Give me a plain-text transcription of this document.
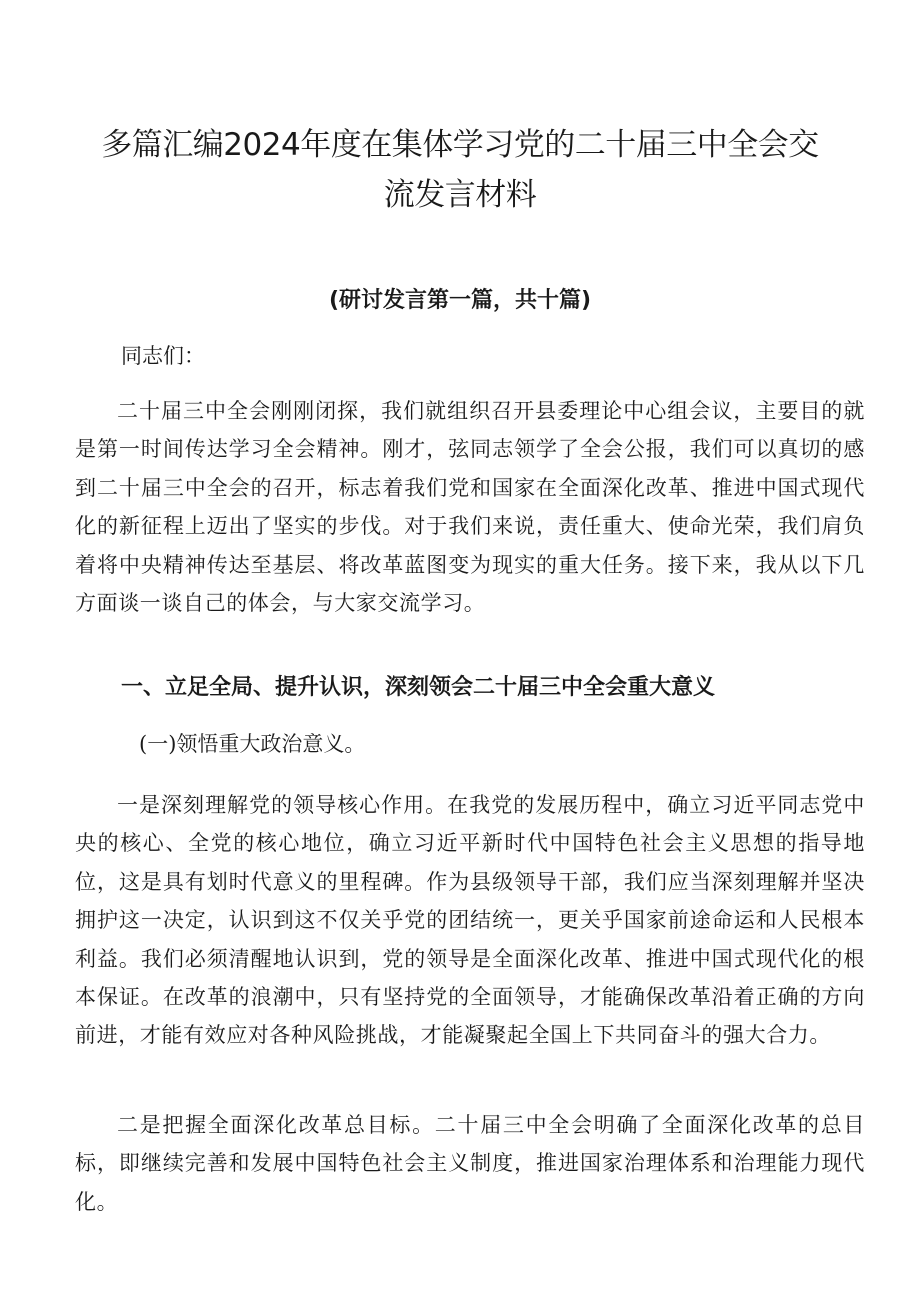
多篇汇编2024年度在集体学习党的二十届三中全会交流发言材料
(研讨发言第一篇，共十篇)
同志们：

二十届三中全会刚刚闭探，我们就组织召开县委理论中心组会议，主要目的就是第一时间传达学习全会精神。刚才，弦同志领学了全会公报，我们可以真切的感到二十届三中全会的召开，标志着我们党和国家在全面深化改革、推进中国式现代化的新征程上迈出了坚实的步伐。对于我们来说，责任重大、使命光荣，我们肩负着将中央精神传达至基层、将改革蓝图变为现实的重大任务。接下来，我从以下几方面谈一谈自己的体会，与大家交流学习。

一、立足全局、提升认识，深刻领会二十届三中全会重大意义
(一)领悟重大政治意义。

一是深刻理解党的领导核心作用。在我党的发展历程中，确立习近平同志党中央的核心、全党的核心地位，确立习近平新时代中国特色社会主义思想的指导地位，这是具有划时代意义的里程碑。作为县级领导干部，我们应当深刻理解并坚决拥护这一决定，认识到这不仅关乎党的团结统一，更关乎国家前途命运和人民根本利益。我们必须清醒地认识到，党的领导是全面深化改革、推进中国式现代化的根本保证。在改革的浪潮中，只有坚持党的全面领导，才能确保改革沿着正确的方向前进，才能有效应对各种风险挑战，才能凝聚起全国上下共同奋斗的强大合力。

二是把握全面深化改革总目标。二十届三中全会明确了全面深化改革的总目标，即继续完善和发展中国特色社会主义制度，推进国家治理体系和治理能力现代化。
